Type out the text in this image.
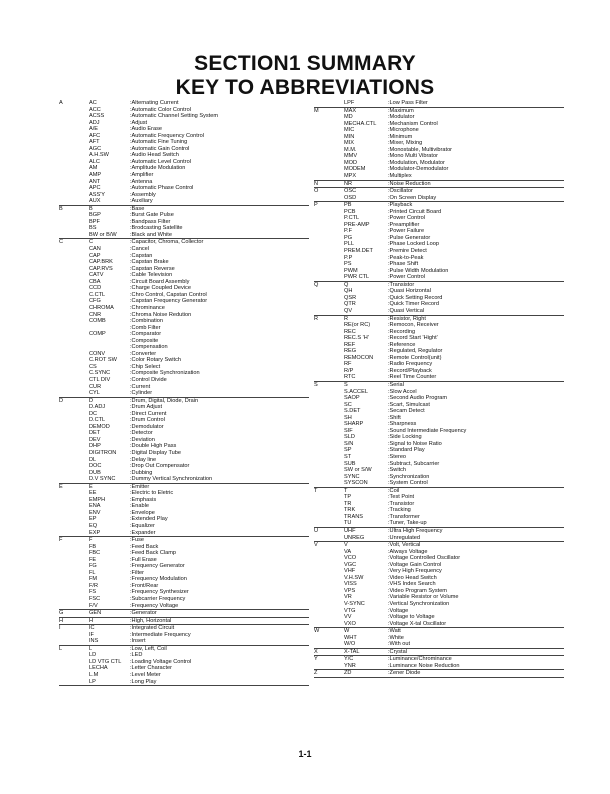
SECTION1 SUMMARY
KEY TO ABBREVIATIONS
A	AC	:Alternating Current
ACC	:Automatic Color Control
ACSS	:Automatic Channel Setting System
ADJ	:Adjust
A/E	:Audio Erase
AFC	:Automatic Frequency Control
AFT	:Automatic Fine Tuning
AGC	:Automatic Gain Control
A.H.SW	:Audio Head Switch
ALC	:Automatic Level Control
AM	:Amplitude Modulation
AMP	:Amplifier
ANT	:Antenna
APC	:Automatic Phase Control
ASS'Y	:Assembly
AUX	:Auxiliary
B	B	:Base
BGP	:Burst Gate Pulse
BPF	:Bandpass Filter
BS	:Brodcasting Satellite
BW or B/W	:Black and White
C	C	:Capacitor, Chroma, Collector
CAN	:Cancel
CAP	:Capstan
CAP.BRK	:Capstan Brake
CAP.RVS	:Capstan Reverse
CATV	:Cable Television
CBA	:Circuit Board Assembly
CCD	:Charge Coupled Device
C.CTL	:Chro Control, Capstan Control
CFG	:Capstan Frequency Generator
CHROMA	:Chrominance
CNR	:Chroma Noise Redution
COMB	:Combination
:Comb Filter
COMP	:Comparator
:Composite
:Compensation
CONV	:Converter
C.ROT SW	:Color Rotary Switch
CS	:Chip Select
C.SYNC	:Composite Synchronization
CTL DIV	:Control Divide
CUR	:Current
CYL	:Cylinder
D	D	:Drum, Digital, Diode, Drain
D.ADJ	:Drum Adjust
DC	:Direct Current
D.CTL	:Drum Control
DEMOD	:Demodulator
DET	:Detector
DEV	:Deviation
DHP	:Double High Pass
DIGITRON	:Digital Display Tube
DL	:Delay line
DOC	:Drop Out Compensator
DUB	:Dubbing
D.V SYNC	:Dummy Vertical Synchronization
E	E	:Emitter
EE	:Electric to Eletric
EMPH	:Emphasis
ENA	:Enable
ENV	:Envelope
EP	:Extended Play
EQ	:Equalizer
EXP	:Expander
F	F	:Fuse
FB	:Feed Back
FBC	:Feed Back Clamp
FE	:Full Erase
FG	:Frequency Generator
FL	:Filter
FM	:Frequency Modulation
F/R	:Front/Rear
FS	:Frequency Synthesizer
FSC	:Subcarrier Frequency
F/V	:Frequency Voltage
G	GEN	:Generator
H	H	:High, Horizontal
I	IC	:Integrated Circuit
IF	:Intermediate Frequency
INS	:Insert
L	L	:Low, Left, Coil
LD	:LED
LD VTG CTL	:Loading Voltage Control
LECHA	:Letter Character
L.M	:Level Meter
LP	:Long Play
LPF	:Low Pass Filter
M	MAX	:Maximum
MD	:Modulator
MECHA.CTL	:Mechanism Control
MIC	:Microphone
MIN	:Minimum
MIX	:Mixer, Mixing
M.M.	:Monostable, Multivibrator
MMV	:Mono Multi Vibrator
MOD	:Modulation, Modulator
MODEM	:Modulator-Demodulator
MPX	:Multiplex
N	NR	:Noise Reduction
O	OSC	:Oscillator
OSD	:On Screen Display
P	PB	:Playback
PCB	:Printed Circuit Board
P.CTL	:Power Control
PRE-AMP	:Preamplifier
P.F	:Power Failure
PG	:Pulse Generator
PLL	:Phase Locked Loop
PREM.DET	:Premire Detect
P.P	:Peak-to-Peak
PS	:Phase Shift
PWM	:Pulse Width Modulation
PWR CTL	:Power Control
Q	Q	:Transistor
QH	:Quasi Horizontal
QSR	:Quick Setting Record
QTR	:Quick Timer Record
QV	:Quasi Vertical
R	R	:Resistor, Right
RE(or RC)	:Remocon, Receiver
REC	:Recording
REC.S 'H'	:Record Start 'Hight'
REF	:Reference
REG	:Regulated, Regulator
REMOCON	:Remote Control(unit)
RF	:Radio Frequency
R/P	:Record/Playback
RTC	:Reel Time Counter
S	S	:Serial
S.ACCEL	:Slow Accel
SAOP	:Second Audio Program
SC	:Scart, Simulcast
S.DET	:Secam Detect
SH	:Shift
SHARP	:Sharpness
SIF	:Sound Intermediate Frequency
SLD	:Side Locking
S/N	:Signal to Noise Ratio
SP	:Standard Play
ST	:Stereo
SUB	:Subtract, Subcarrier
SW or S/W	:Switch
SYNC	:Synchronization
SYSCON	:System Control
T	T	:Coil
TP	:Test Point
TR	:Transistor
TRK	:Tracking
TRANS	:Transformer
TU	:Tuner, Take-up
U	UHF	:Ultra High Frequency
UNREG	:Unregulated
V	V	:Volt, Vertical
VA	:Always Voltage
VCO	:Voltage Controlled Oscillator
VGC	:Voltage Gain Control
VHF	:Very High Frequency
V.H.SW	:Video Head Switch
VISS	:VHS Index Search
VPS	:Video Program System
VR	:Variable Resistor or Volume
V-SYNC	:Vertical Synchronization
VTG	:Voltage
VV	:Voltage to Voltage
VXO	:Voltage X-tal Oscillator
W	W	:Watt
WHT	:White
W/O	:With out
X	X-TAL	:Crystal
Y	Y/C	:Luminance/Chrominance
YNR	:Luminance Noise Reduction
Z	ZD	:Zener Diode
1-1
